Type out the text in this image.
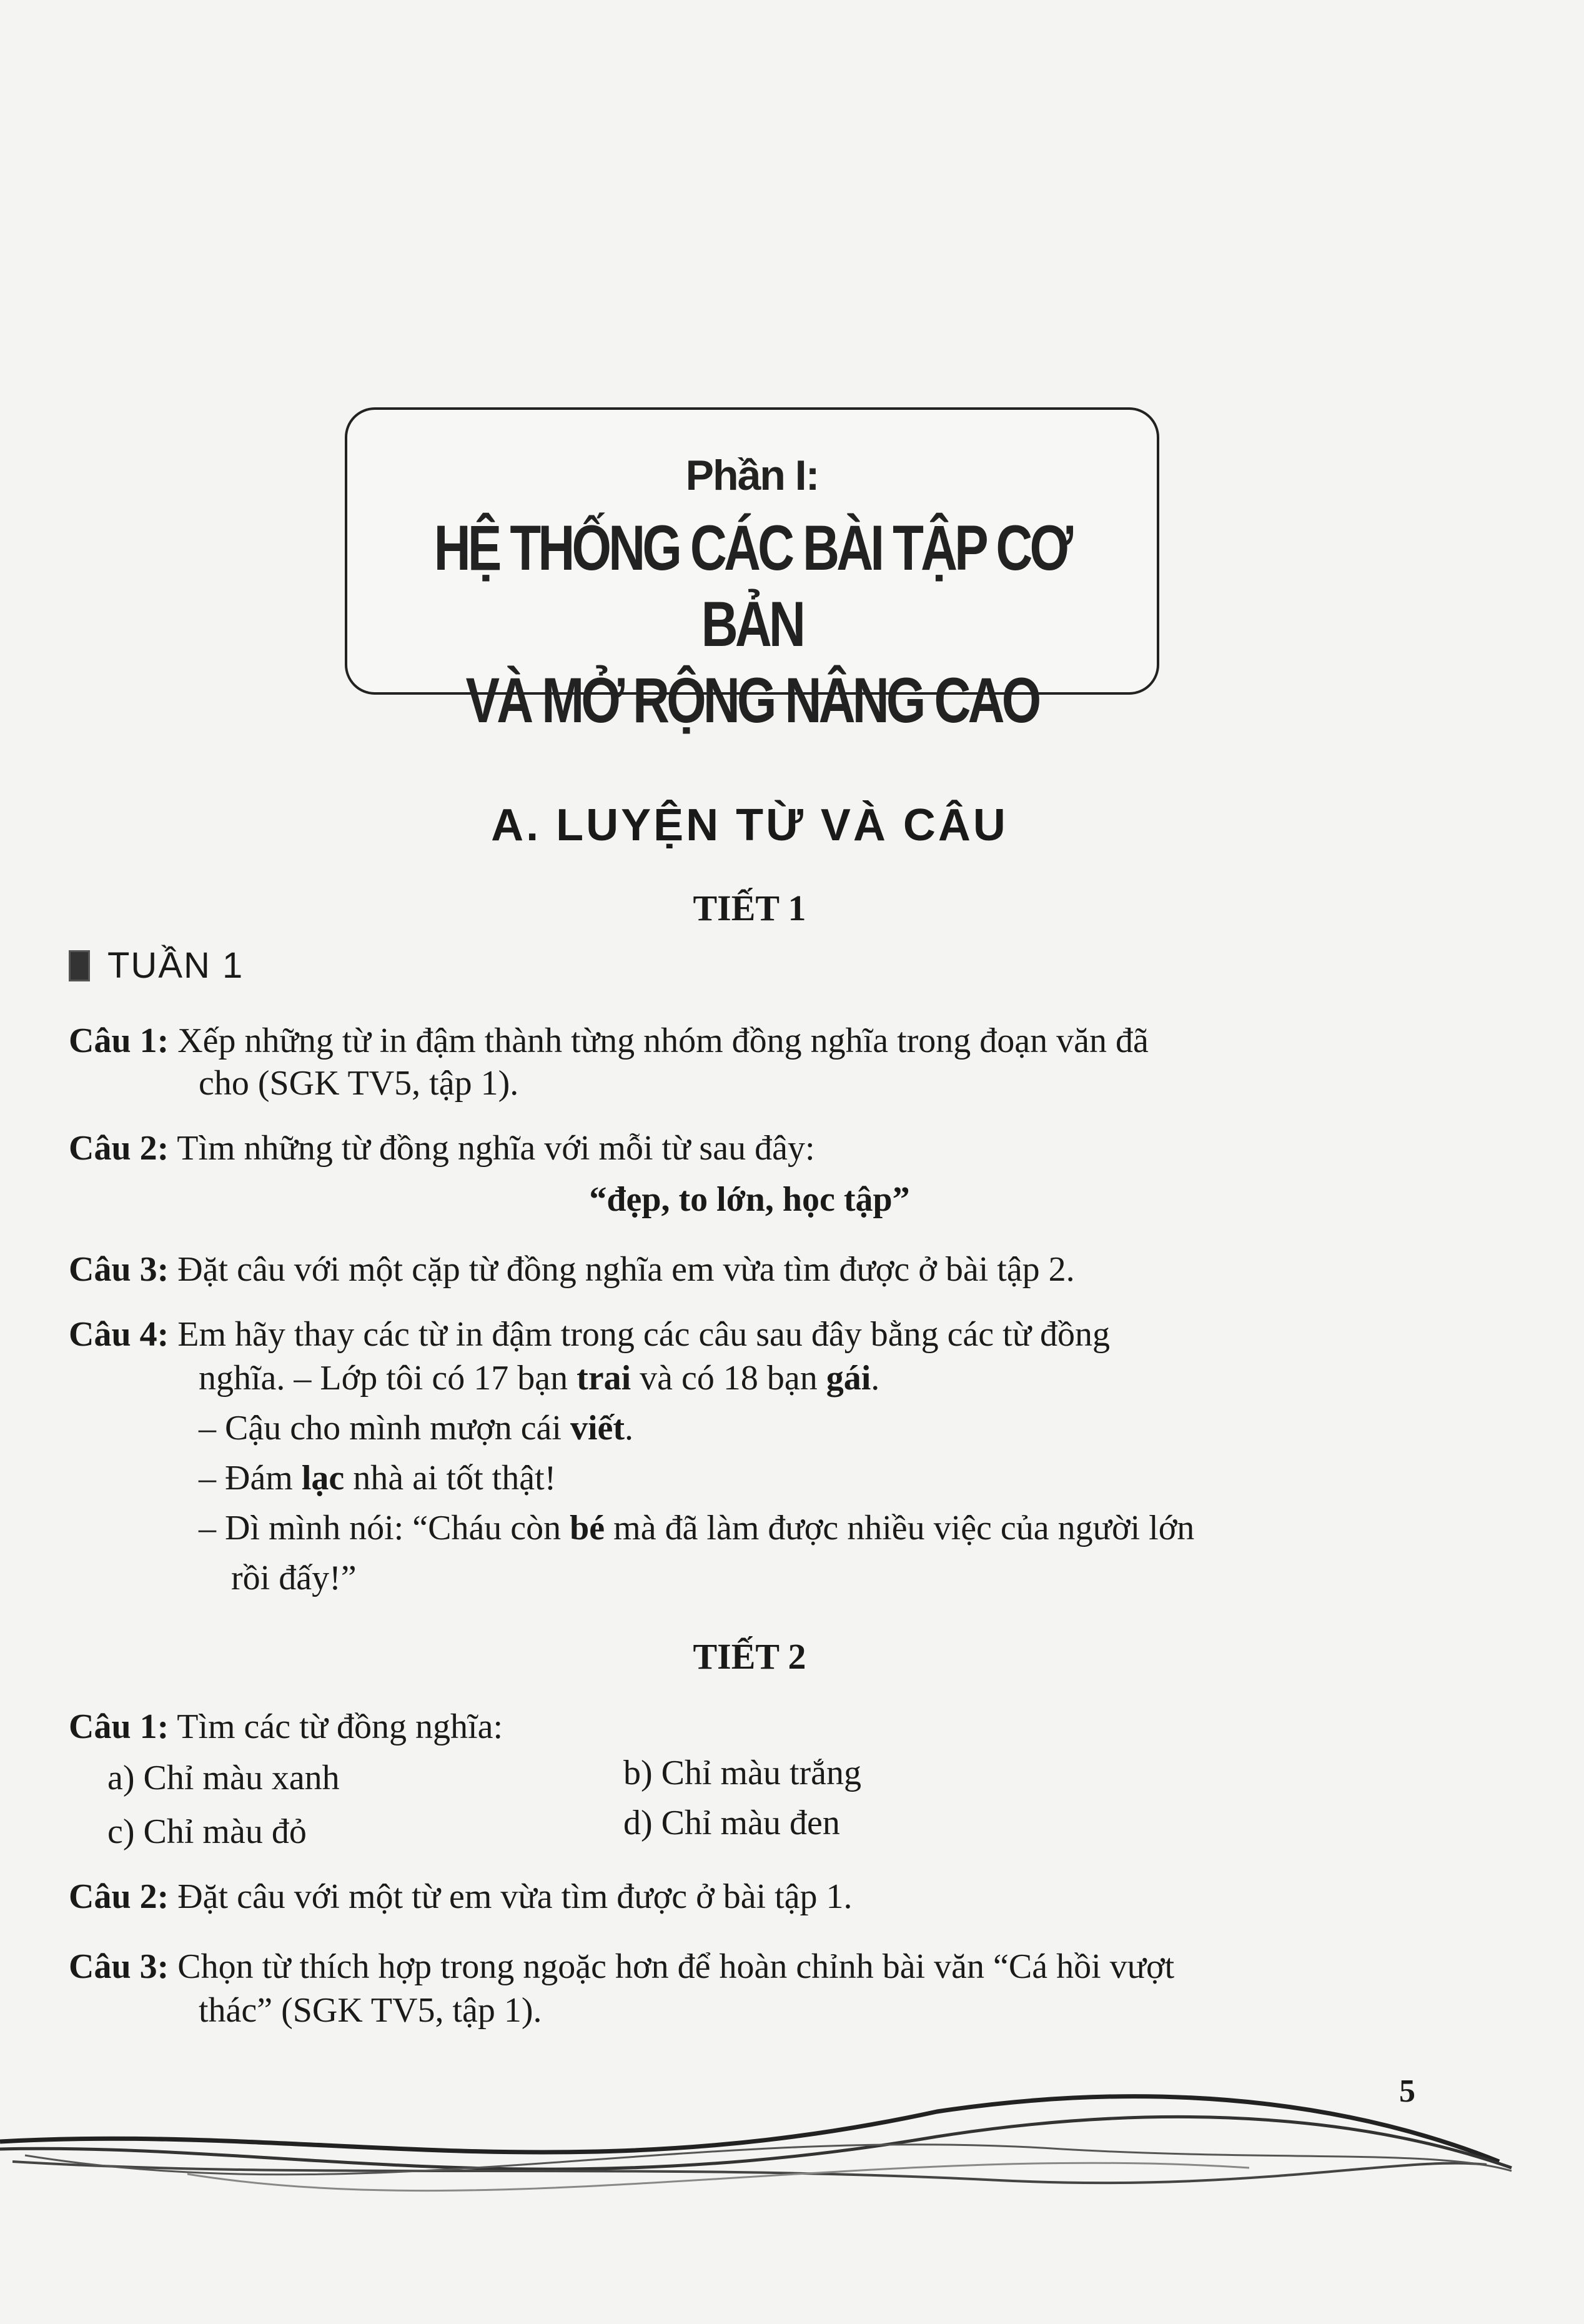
Phần I:
HỆ THỐNG CÁC BÀI TẬP CƠ BẢN
VÀ MỞ RỘNG NÂNG CAO
A. LUYỆN TỪ VÀ CÂU
TIẾT 1
TUẦN 1
Câu 1: Xếp những từ in đậm thành từng nhóm đồng nghĩa trong đoạn văn đã
cho (SGK TV5, tập 1).
Câu 2: Tìm những từ đồng nghĩa với mỗi từ sau đây:
“đẹp, to lớn, học tập”
Câu 3: Đặt câu với một cặp từ đồng nghĩa em vừa tìm được ở bài tập 2.
Câu 4: Em hãy thay các từ in đậm trong các câu sau đây bằng các từ đồng
nghĩa. – Lớp tôi có 17 bạn trai và có 18 bạn gái.
– Cậu cho mình mượn cái viết.
– Đám lạc nhà ai tốt thật!
– Dì mình nói: “Cháu còn bé mà đã làm được nhiều việc của người lớn
rồi đấy!”
TIẾT 2
Câu 1: Tìm các từ đồng nghĩa:
a) Chỉ màu xanh	b) Chỉ màu trắng
c) Chỉ màu đỏ	d) Chỉ màu đen
Câu 2: Đặt câu với một từ em vừa tìm được ở bài tập 1.
Câu 3: Chọn từ thích hợp trong ngoặc hơn để hoàn chỉnh bài văn “Cá hồi vượt
thác” (SGK TV5, tập 1).
5
